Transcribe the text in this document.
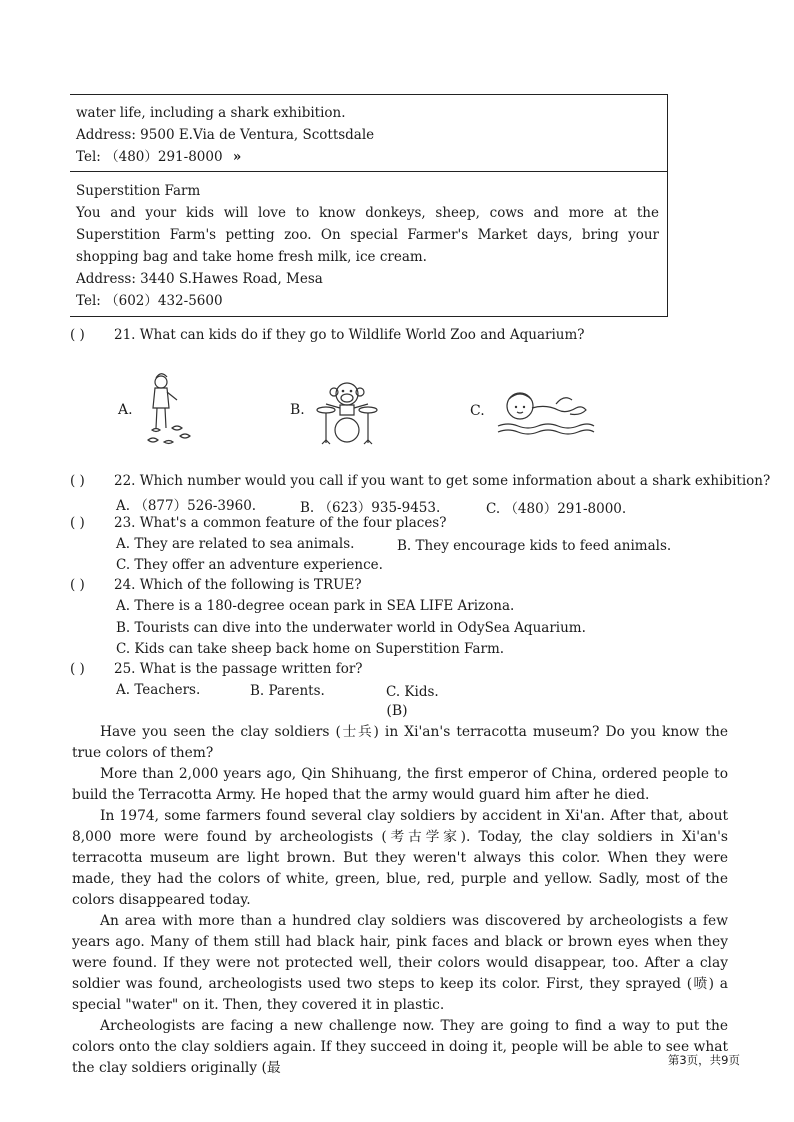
water life, including a shark exhibition.

Address: 9500 E.Via de Ventura, Scottsdale

Tel: （480）291-8000 »

Superstition Farm

You and your kids will love to know donkeys, sheep, cows and more at the Superstition Farm's petting zoo. On special Farmer's Market days, bring your shopping bag and take home fresh milk, ice cream.

Address: 3440 S.Hawes Road, Mesa

Tel: （602）432-5600

( ) 21. What can kids do if they go to Wildlife World Zoo and Aquarium?
A.	B.	C.
( ) 22. Which number would you call if you want to get some information about a shark exhibition?
A. （877）526-3960.	B. （623）935-9453.	C. （480）291-8000.
( ) 23. What's a common feature of the four places?
A. They are related to sea animals.	B. They encourage kids to feed animals.
C. They offer an adventure experience.
( ) 24. Which of the following is TRUE?
A. There is a 180-degree ocean park in SEA LIFE Arizona.
B. Tourists can dive into the underwater world in OdySea Aquarium.
C. Kids can take sheep back home on Superstition Farm.
( ) 25. What is the passage written for?
A. Teachers.	B. Parents.	C. Kids.
(B)

Have you seen the clay soldiers (士兵) in Xi'an's terracotta museum? Do you know the true colors of them?

More than 2,000 years ago, Qin Shihuang, the first emperor of China, ordered people to build the Terracotta Army. He hoped that the army would guard him after he died.

In 1974, some farmers found several clay soldiers by accident in Xi'an. After that, about 8,000 more were found by archeologists (考古学家). Today, the clay soldiers in Xi'an's terracotta museum are light brown. But they weren't always this color. When they were made, they had the colors of white, green, blue, red, purple and yellow. Sadly, most of the colors disappeared today.

An area with more than a hundred clay soldiers was discovered by archeologists a few years ago. Many of them still had black hair, pink faces and black or brown eyes when they were found. If they were not protected well, their colors would disappear, too. After a clay soldier was found, archeologists used two steps to keep its color. First, they sprayed (喷) a special "water" on it. Then, they covered it in plastic.

Archeologists are facing a new challenge now. They are going to find a way to put the colors onto the clay soldiers again. If they succeed in doing it, people will be able to see what the clay soldiers originally (最	第3页，共9页
